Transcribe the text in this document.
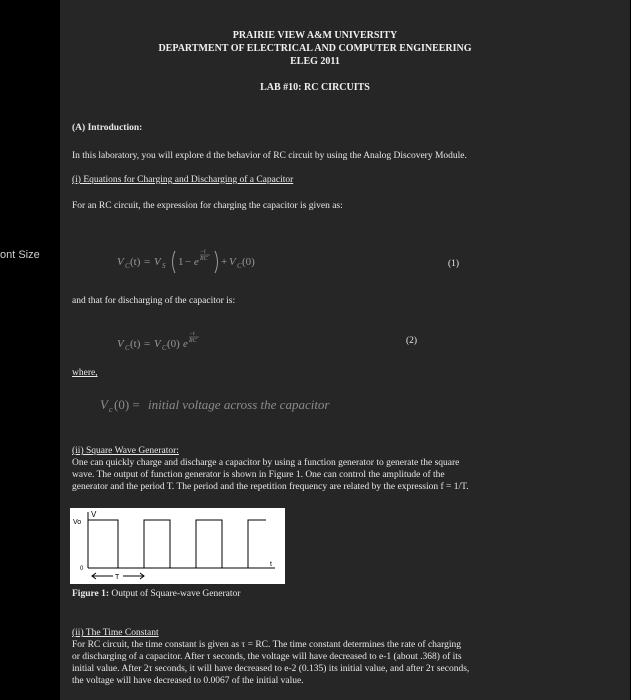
ont Size
PRAIRIE VIEW A&M UNIVERSITY
DEPARTMENT OF ELECTRICAL AND COMPUTER ENGINEERING
ELEG 2011
LAB #10: RC CIRCUITS
(A) Introduction:
In this laboratory, you will explore d the behavior of RC circuit by using the Analog Discovery Module.
(i) Equations for Charging and Discharging of a Capacitor
For an RC circuit, the expression for charging the capacitor is given as:
V C (t) = V S 1 − e
−t
RC + V C (0)	(1)
and that for discharging of the capacitor is:
V C (t) = V C (0) e
−t
RC	(2)
where,
V c (0) = initial voltage across the capacitor
(ii) Square Wave Generator:
One can quickly charge and discharge a capacitor by using a function generator to generate the square
wave. The output of function generator is shown in Figure 1. One can control the amplitude of the
generator and the period T. The period and the repetition frequency are related by the expression f = 1/T.
V
Vo
0
t
T
Figure 1: Output of Square-wave Generator
(ii) The Time Constant
For RC circuit, the time constant is given as τ = RC. The time constant determines the rate of charging
or discharging of a capacitor. After τ seconds, the voltage will have decreased to e-1 (about .368) of its
initial value. After 2τ seconds, it will have decreased to e-2 (0.135) its initial value, and after 2τ seconds,
the voltage will have decreased to 0.0067 of the initial value.
